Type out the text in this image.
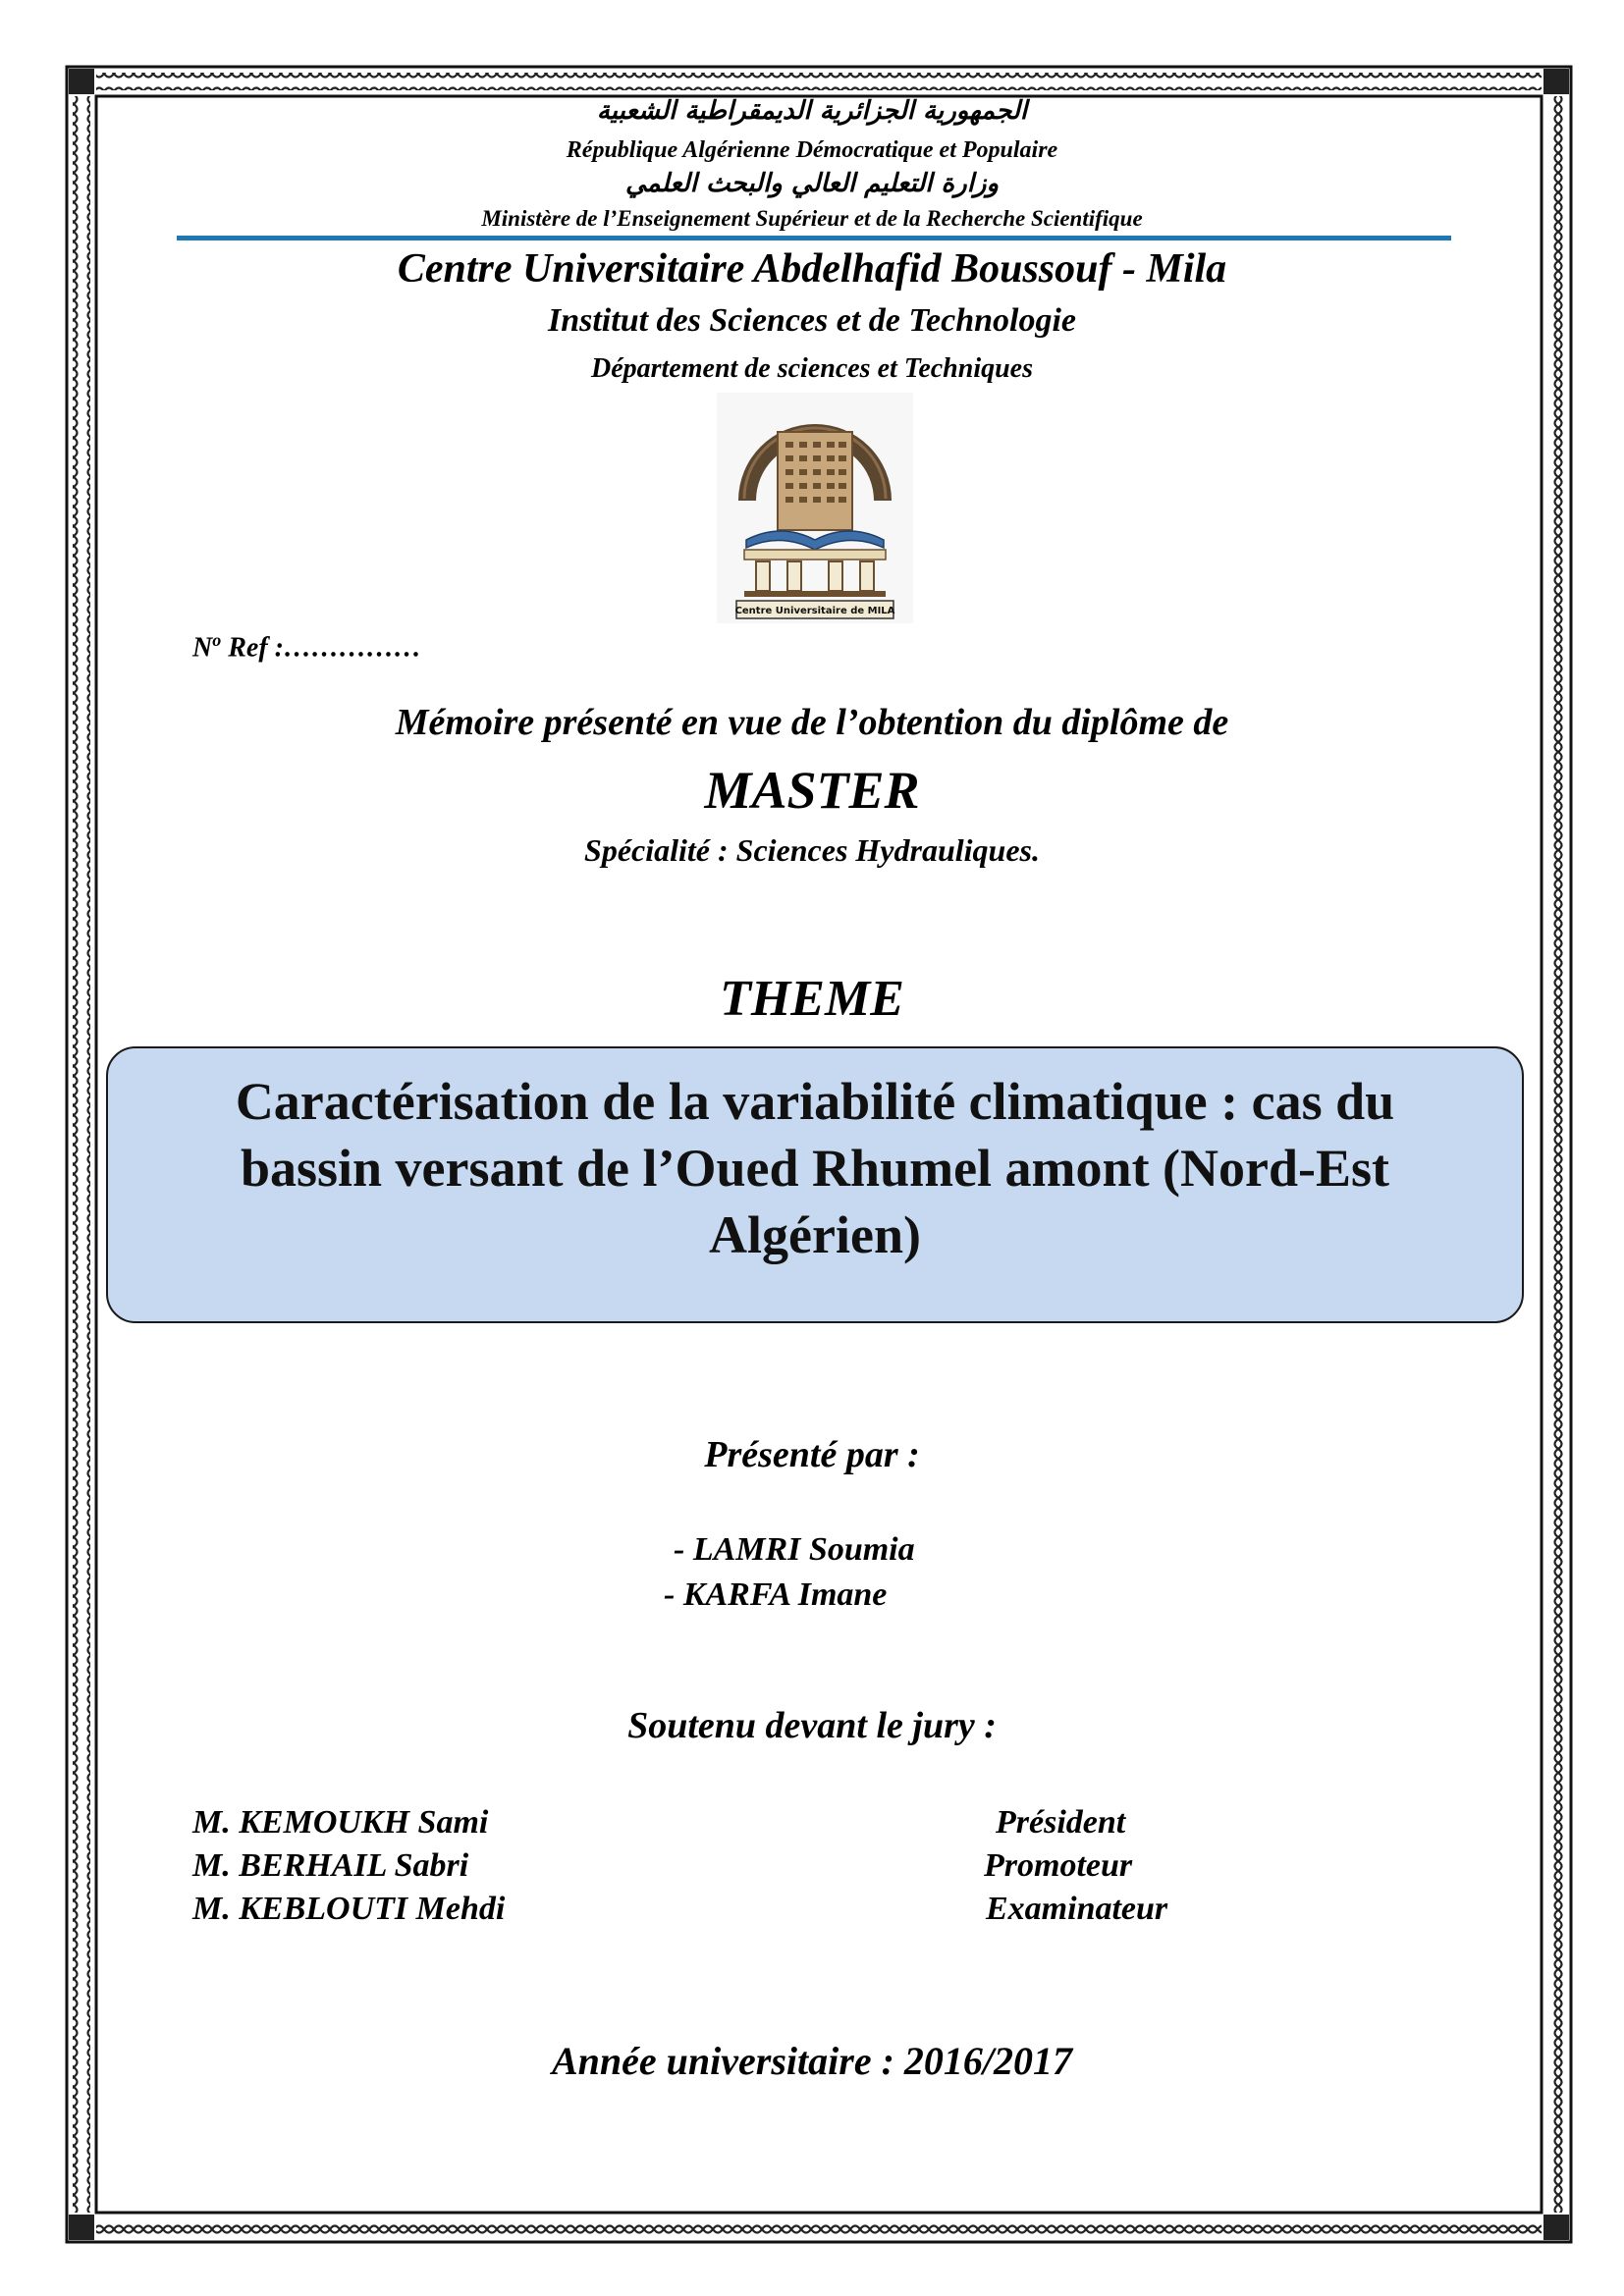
الجمهورية الجزائرية الديمقراطية الشعبية
République Algérienne Démocratique et Populaire
وزارة التعليم العالي والبحث العلمي
Ministère de l’Enseignement Supérieur et de la Recherche Scientifique
Centre Universitaire Abdelhafid Boussouf - Mila
Institut des Sciences et de Technologie
Département de sciences et Techniques
Centre Universitaire de MILA
$N^o$ Ref :……………
Mémoire présenté en vue de l’obtention du diplôme de
MASTER
Spécialité : Sciences Hydrauliques.
THEME
Caractérisation de la variabilité climatique : cas du
bassin versant de l’Oued Rhumel amont (Nord-Est
Algérien)
Présenté par :
- LAMRI Soumia
- KARFA Imane
Soutenu devant le jury :
M. KEMOUKH Sami	Président
M. BERHAIL Sabri	Promoteur
M. KEBLOUTI Mehdi	Examinateur
Année universitaire : 2016/2017
